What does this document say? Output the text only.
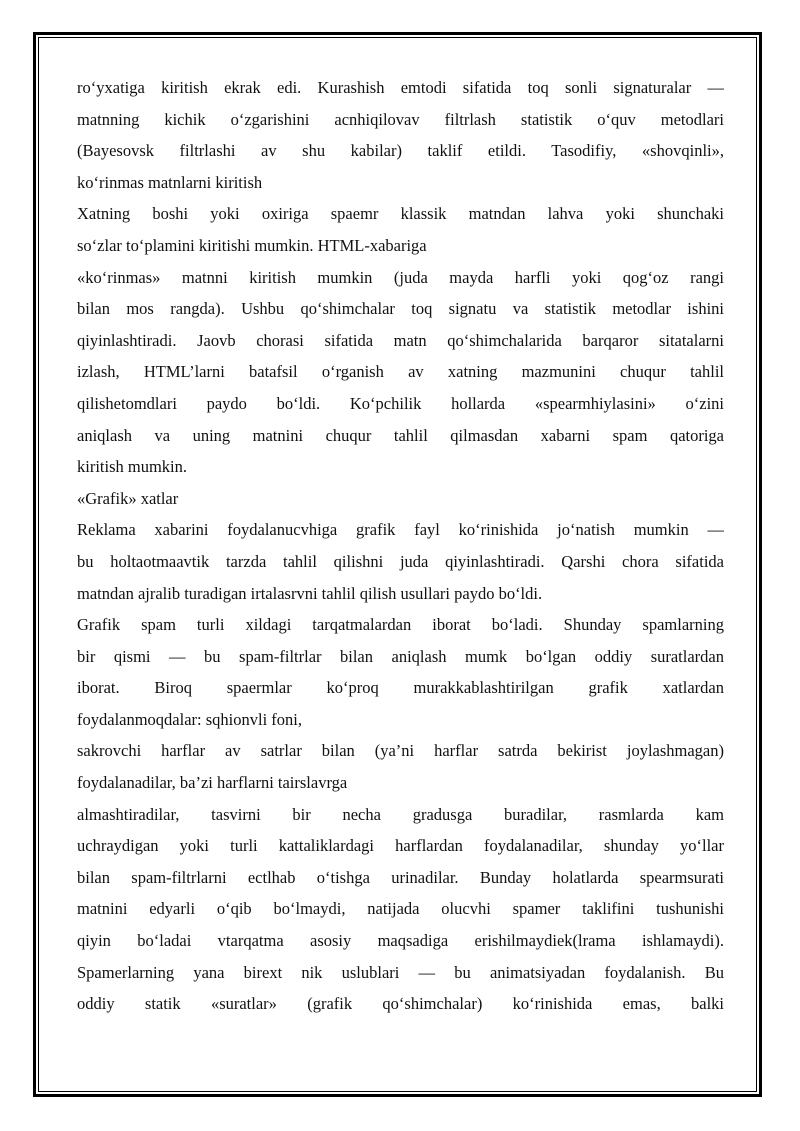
ro‘yxatiga kiritish ekrak edi. Kurashish emtodi sifatida toq sonli signaturalar —
matnning kichik o‘zgarishini acnhiqilovav filtrlash statistik o‘quv metodlari
(Bayesovsk filtrlashi av shu kabilar) taklif etildi. Tasodifiy, «shovqinli»,
ko‘rinmas matnlarni kiritish
Xatning boshi yoki oxiriga spaemr klassik matndan lahva yoki shunchaki
so‘zlar to‘plamini kiritishi mumkin. HTML-xabariga
«ko‘rinmas» matnni kiritish mumkin (juda mayda harfli yoki qog‘oz rangi
bilan mos rangda). Ushbu qo‘shimchalar toq signatu va statistik metodlar ishini
qiyinlashtiradi. Jaovb chorasi sifatida matn qo‘shimchalarida barqaror sitatalarni
izlash, HTML’larni batafsil o‘rganish av xatning mazmunini chuqur tahlil
qilishetomdlari paydo bo‘ldi. Ko‘pchilik hollarda «spearmhiylasini» o‘zini
aniqlash va uning matnini chuqur tahlil qilmasdan xabarni spam qatoriga
kiritish mumkin.
«Grafik» xatlar
Reklama xabarini foydalanucvhiga grafik fayl ko‘rinishida jo‘natish mumkin —
bu holtaotmaavtik tarzda tahlil qilishni juda qiyinlashtiradi. Qarshi chora sifatida
matndan ajralib turadigan irtalasrvni tahlil qilish usullari paydo bo‘ldi.
Grafik spam turli xildagi tarqatmalardan iborat bo‘ladi. Shunday spamlarning
bir qismi — bu spam-filtrlar bilan aniqlash mumk bo‘lgan oddiy suratlardan
iborat. Biroq spaermlar ko‘proq murakkablashtirilgan grafik xatlardan
foydalanmoqdalar: sqhionvli foni,
sakrovchi harflar av satrlar bilan (ya’ni harflar satrda bekirist joylashmagan)
foydalanadilar, ba’zi harflarni tairslavrga
almashtiradilar, tasvirni bir necha gradusga buradilar, rasmlarda kam
uchraydigan yoki turli kattaliklardagi harflardan foydalanadilar, shunday yo‘llar
bilan spam-filtrlarni ectlhab o‘tishga urinadilar. Bunday holatlarda spearmsurati
matnini edyarli o‘qib bo‘lmaydi, natijada olucvhi spamer taklifini tushunishi
qiyin bo‘ladai vtarqatma asosiy maqsadiga erishilmaydiek(lrama ishlamaydi).
Spamerlarning yana birext nik uslublari — bu animatsiyadan foydalanish. Bu
oddiy statik «suratlar» (grafik qo‘shimchalar) ko‘rinishida emas, balki
